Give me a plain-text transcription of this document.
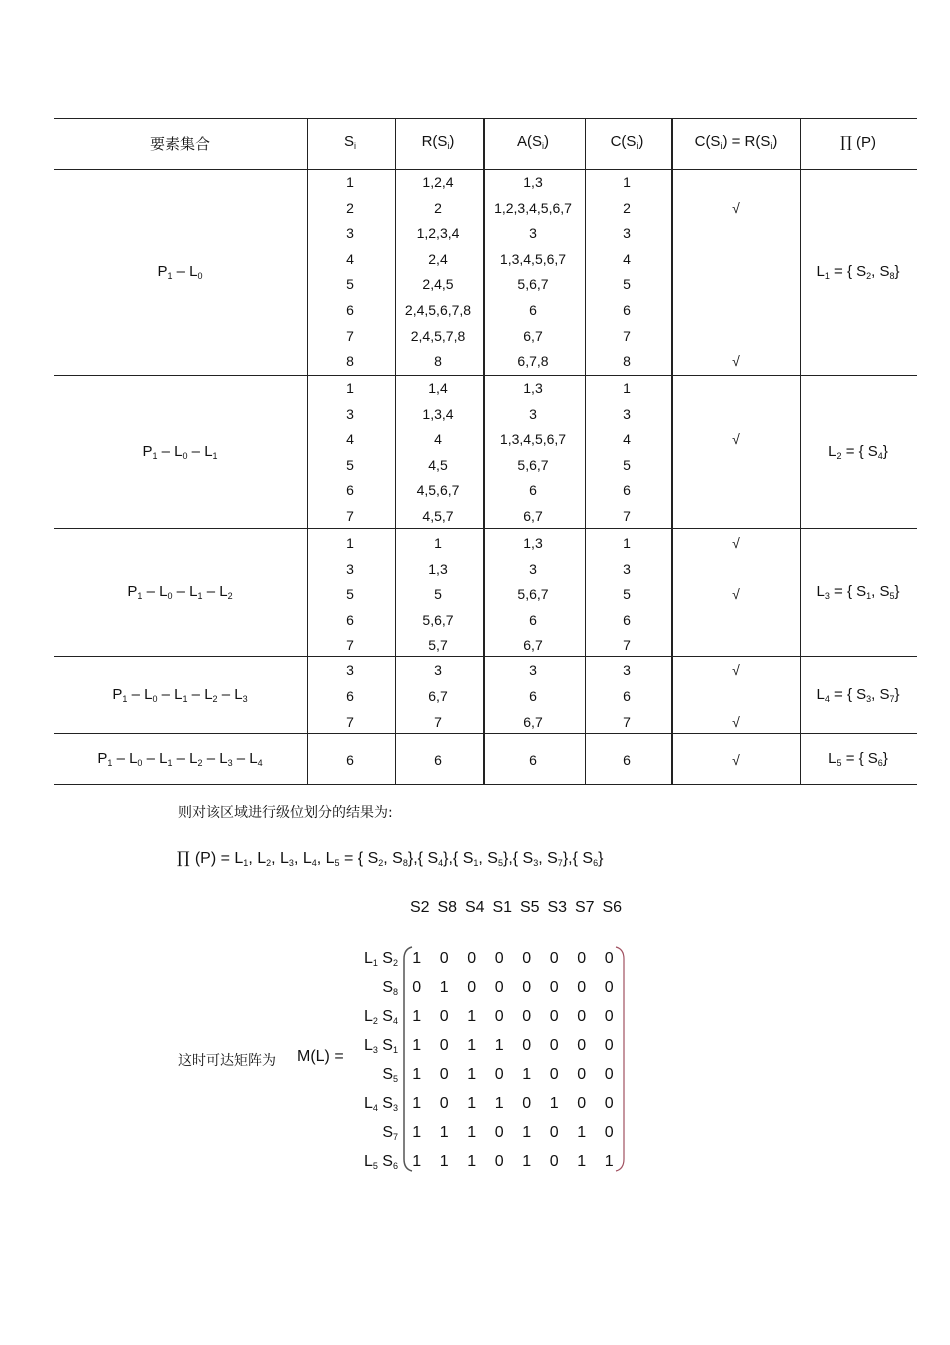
要素集合	$S_i$	$R(S_i)$	$A(S_i)$	$C(S_i)$	$C(S_i) = R(S_i)$	∏ (P)
$P_1 - L_0$	$L_1$ = { $S_2$, $S_8$}
1	1,2,4	1,3	1
2	2	1,2,3,4,5,6,7	2	√
3	1,2,3,4	3	3
4	2,4	1,3,4,5,6,7	4
5	2,4,5	5,6,7	5
6	2,4,5,6,7,8	6	6
7	2,4,5,7,8	6,7	7
8	8	6,7,8	8	√
$P_1 - L_0 - L_1$	$L_2$ = { $S_4$}
1	1,4	1,3	1
3	1,3,4	3	3
4	4	1,3,4,5,6,7	4	√
5	4,5	5,6,7	5
6	4,5,6,7	6	6
7	4,5,7	6,7	7
$P_1 - L_0 - L_1 - L_2$	$L_3$ = { $S_1$, $S_5$}
1	1	1,3	1	√
3	1,3	3	3
5	5	5,6,7	5	√
6	5,6,7	6	6
7	5,7	6,7	7
$P_1 - L_0 - L_1 - L_2 - L_3$	$L_4$ = { $S_3$, $S_7$}
3	3	3	3	√
6	6,7	6	6
7	7	6,7	7	√
$P_1 - L_0 - L_1 - L_2 - L_3 - L_4$	$L_5$ = { $S_6$}
6	6	6	6	√
则对该区域进行级位划分的结果为:
∏ $(P) = L_1$, $L_2$, $L_3$, $L_4$, $L_5$ = { $S_2$, $S_8$},{ $S_4$},{ $S_1$, $S_5$},{ $S_3$, $S_7$},{ $S_6$}
S2 S8 S4 S1 S5 S3 S7 S6
这时可达矩阵为 M(L) =
$L_1$ $S_2$ 1 0 0 0 0 0 0 0
$S_8$ 0 1 0 0 0 0 0 0
$L_2$ $S_4$ 1 0 1 0 0 0 0 0
$L_3$ $S_1$ 1 0 1 1 0 0 0 0
$S_5$ 1 0 1 0 1 0 0 0
$L_4$ $S_3$ 1 0 1 1 0 1 0 0
$S_7$ 1 1 1 0 1 0 1 0
$L_5$ $S_6$ 1 1 1 0 1 0 1 1
